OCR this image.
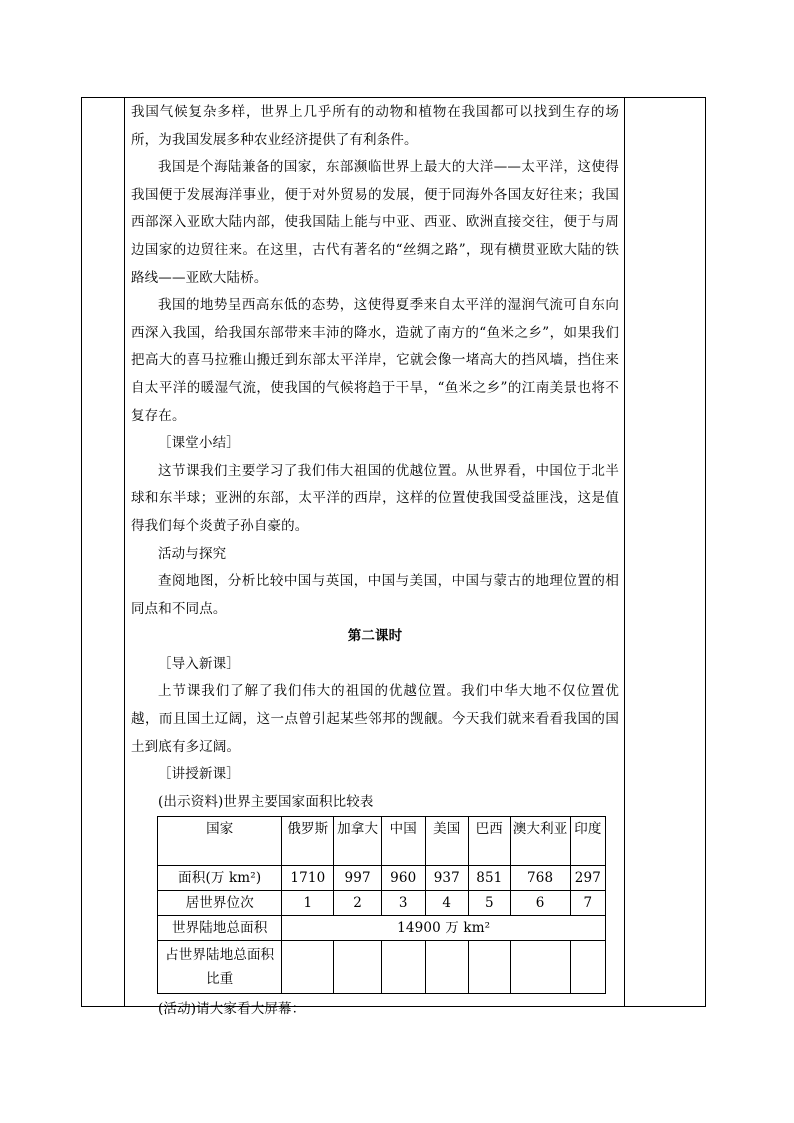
我国气候复杂多样，世界上几乎所有的动物和植物在我国都可以找到生存的场所，为我国发展多种农业经济提供了有利条件。

我国是个海陆兼备的国家，东部濒临世界上最大的大洋——太平洋，这使得我国便于发展海洋事业，便于对外贸易的发展，便于同海外各国友好往来；我国西部深入亚欧大陆内部，使我国陆上能与中亚、西亚、欧洲直接交往，便于与周边国家的边贸往来。在这里，古代有著名的“丝绸之路”，现有横贯亚欧大陆的铁路线——亚欧大陆桥。

我国的地势呈西高东低的态势，这使得夏季来自太平洋的湿润气流可自东向西深入我国，给我国东部带来丰沛的降水，造就了南方的“鱼米之乡”，如果我们把高大的喜马拉雅山搬迁到东部太平洋岸，它就会像一堵高大的挡风墙，挡住来自太平洋的暖湿气流，使我国的气候将趋于干旱，“鱼米之乡”的江南美景也将不复存在。

［课堂小结］

这节课我们主要学习了我们伟大祖国的优越位置。从世界看，中国位于北半球和东半球；亚洲的东部，太平洋的西岸，这样的位置使我国受益匪浅，这是值得我们每个炎黄子孙自豪的。

活动与探究

查阅地图，分析比较中国与英国，中国与美国，中国与蒙古的地理位置的相同点和不同点。

第二课时

［导入新课］

上节课我们了解了我们伟大的祖国的优越位置。我们中华大地不仅位置优越，而且国土辽阔，这一点曾引起某些邻邦的觊觎。今天我们就来看看我国的国土到底有多辽阔。

［讲授新课］

(出示资料)世界主要国家面积比较表

国家	俄罗斯	加拿大	中国	美国	巴西	澳大利亚	印度
面积(万 km²)	1710	997	960	937	851	768	297
居世界位次	1	2	3	4	5	6	7
世界陆地总面积	14900 万 km²						
占世界陆地总面积比重							

(活动)请大家看大屏幕：
